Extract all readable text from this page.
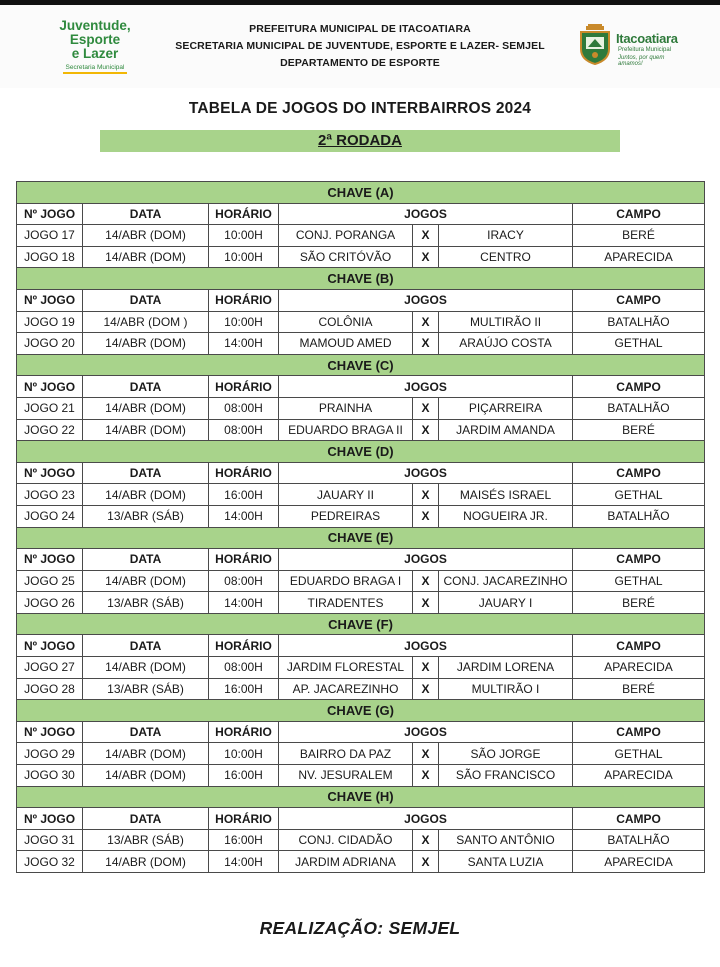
Juventude,
Esporte
e Lazer
Secretaria Municipal
PREFEITURA MUNICIPAL DE ITACOATIARA
SECRETARIA MUNICIPAL DE JUVENTUDE, ESPORTE E LAZER- SEMJEL
DEPARTAMENTO DE ESPORTE
Itacoatiara
Prefeitura Municipal
Juntos, por quem amamos!
TABELA DE JOGOS DO INTERBAIRROS 2024
2ª RODADA
CHAVE (A)						
Nº JOGO	DATA	HORÁRIO	JOGOS			CAMPO
JOGO 17	14/ABR (DOM)	10:00H	CONJ. PORANGA	X	IRACY	BERÉ
JOGO 18	14/ABR (DOM)	10:00H	SÃO CRITÓVÃO	X	CENTRO	APARECIDA
CHAVE (B)						
Nº JOGO	DATA	HORÁRIO	JOGOS			CAMPO
JOGO 19	14/ABR (DOM )	10:00H	COLÔNIA	X	MULTIRÃO II	BATALHÃO
JOGO 20	14/ABR (DOM)	14:00H	MAMOUD AMED	X	ARAÚJO COSTA	GETHAL
CHAVE (C)						
Nº JOGO	DATA	HORÁRIO	JOGOS			CAMPO
JOGO 21	14/ABR (DOM)	08:00H	PRAINHA	X	PIÇARREIRA	BATALHÃO
JOGO 22	14/ABR (DOM)	08:00H	EDUARDO BRAGA II	X	JARDIM AMANDA	BERÉ
CHAVE (D)						
Nº JOGO	DATA	HORÁRIO	JOGOS			CAMPO
JOGO 23	14/ABR (DOM)	16:00H	JAUARY II	X	MAISÉS ISRAEL	GETHAL
JOGO 24	13/ABR (SÁB)	14:00H	PEDREIRAS	X	NOGUEIRA JR.	BATALHÃO
CHAVE (E)						
Nº JOGO	DATA	HORÁRIO	JOGOS			CAMPO
JOGO 25	14/ABR (DOM)	08:00H	EDUARDO BRAGA I	X	CONJ. JACAREZINHO	GETHAL
JOGO 26	13/ABR (SÁB)	14:00H	TIRADENTES	X	JAUARY I	BERÉ
CHAVE (F)						
Nº JOGO	DATA	HORÁRIO	JOGOS			CAMPO
JOGO 27	14/ABR (DOM)	08:00H	JARDIM FLORESTAL	X	JARDIM LORENA	APARECIDA
JOGO 28	13/ABR (SÁB)	16:00H	AP. JACAREZINHO	X	MULTIRÃO I	BERÉ
CHAVE (G)						
Nº JOGO	DATA	HORÁRIO	JOGOS			CAMPO
JOGO 29	14/ABR (DOM)	10:00H	BAIRRO DA PAZ	X	SÃO JORGE	GETHAL
JOGO 30	14/ABR (DOM)	16:00H	NV. JESURALEM	X	SÃO FRANCISCO	APARECIDA
CHAVE (H)						
Nº JOGO	DATA	HORÁRIO	JOGOS			CAMPO
JOGO 31	13/ABR (SÁB)	16:00H	CONJ. CIDADÃO	X	SANTO ANTÔNIO	BATALHÃO
JOGO 32	14/ABR (DOM)	14:00H	JARDIM ADRIANA	X	SANTA LUZIA	APARECIDA
REALIZAÇÃO: SEMJEL
